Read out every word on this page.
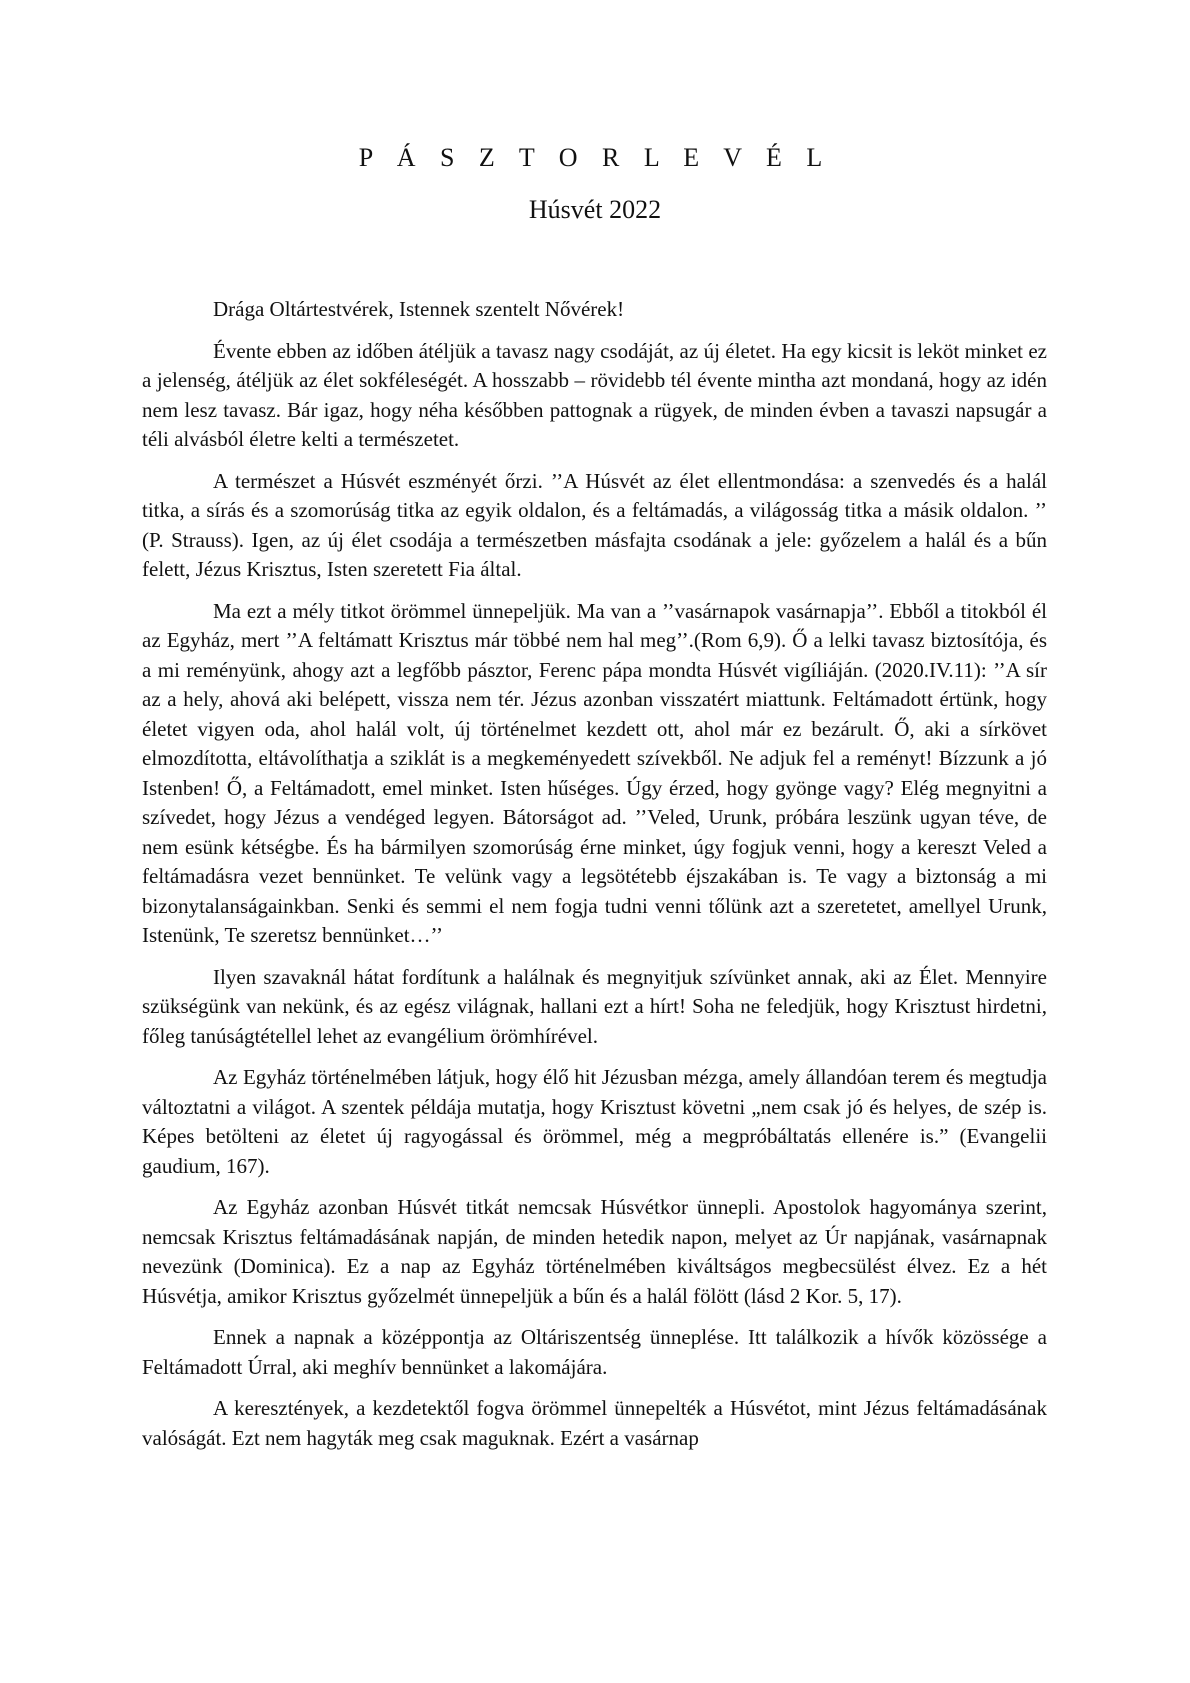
P Á S Z T O R L E V É L
Húsvét 2022

Drága Oltártestvérek, Istennek szentelt Nővérek!

Évente ebben az időben átéljük a tavasz nagy csodáját, az új életet. Ha egy kicsit is leköt minket ez a jelenség, átéljük az élet sokféleségét. A hosszabb – rövidebb tél évente mintha azt mondaná, hogy az idén nem lesz tavasz. Bár igaz, hogy néha későbben pattognak a rügyek, de minden évben a tavaszi napsugár a téli alvásból életre kelti a természetet.

A természet a Húsvét eszményét őrzi. ’’A Húsvét az élet ellentmondása: a szenvedés és a halál titka, a sírás és a szomorúság titka az egyik oldalon, és a feltámadás, a világosság titka a másik oldalon. ’’ (P. Strauss). Igen, az új élet csodája a természetben másfajta csodának a jele: győzelem a halál és a bűn felett, Jézus Krisztus, Isten szeretett Fia által.

Ma ezt a mély titkot örömmel ünnepeljük. Ma van a ’’vasárnapok vasárnapja’’. Ebből a titokból él az Egyház, mert ’’A feltámatt Krisztus már többé nem hal meg’’.(Rom 6,9). Ő a lelki tavasz biztosítója, és a mi reményünk, ahogy azt a legfőbb pásztor, Ferenc pápa mondta Húsvét vigíliáján. (2020.IV.11): ’’A sír az a hely, ahová aki belépett, vissza nem tér. Jézus azonban visszatért miattunk. Feltámadott értünk, hogy életet vigyen oda, ahol halál volt, új történelmet kezdett ott, ahol már ez bezárult. Ő, aki a sírkövet elmozdította, eltávolíthatja a sziklát is a megkeményedett szívekből. Ne adjuk fel a reményt! Bízzunk a jó Istenben! Ő, a Feltámadott, emel minket. Isten hűséges. Úgy érzed, hogy gyönge vagy? Elég megnyitni a szívedet, hogy Jézus a vendéged legyen. Bátorságot ad. ’’Veled, Urunk, próbára leszünk ugyan téve, de nem esünk kétségbe. És ha bármilyen szomorúság érne minket, úgy fogjuk venni, hogy a kereszt Veled a feltámadásra vezet bennünket. Te velünk vagy a legsötétebb éjszakában is. Te vagy a biztonság a mi bizonytalanságainkban. Senki és semmi el nem fogja tudni venni tőlünk azt a szeretetet, amellyel Urunk, Istenünk, Te szeretsz bennünket…’’

Ilyen szavaknál hátat fordítunk a halálnak és megnyitjuk szívünket annak, aki az Élet. Mennyire szükségünk van nekünk, és az egész világnak, hallani ezt a hírt! Soha ne feledjük, hogy Krisztust hirdetni, főleg tanúságtétellel lehet az evangélium örömhírével.

Az Egyház történelmében látjuk, hogy élő hit Jézusban mézga, amely állandóan terem és megtudja változtatni a világot. A szentek példája mutatja, hogy Krisztust követni „nem csak jó és helyes, de szép is. Képes betölteni az életet új ragyogással és örömmel, még a megpróbáltatás ellenére is.” (Evangelii gaudium, 167).

Az Egyház azonban Húsvét titkát nemcsak Húsvétkor ünnepli. Apostolok hagyománya szerint, nemcsak Krisztus feltámadásának napján, de minden hetedik napon, melyet az Úr napjának, vasárnapnak nevezünk (Dominica). Ez a nap az Egyház történelmében kiváltságos megbecsülést élvez. Ez a hét Húsvétja, amikor Krisztus győzelmét ünnepeljük a bűn és a halál fölött (lásd 2 Kor. 5, 17).

Ennek a napnak a középpontja az Oltáriszentség ünneplése. Itt találkozik a hívők közössége a Feltámadott Úrral, aki meghív bennünket a lakomájára.

A keresztények, a kezdetektől fogva örömmel ünnepelték a Húsvétot, mint Jézus feltámadásának valóságát. Ezt nem hagyták meg csak maguknak. Ezért a vasárnap
